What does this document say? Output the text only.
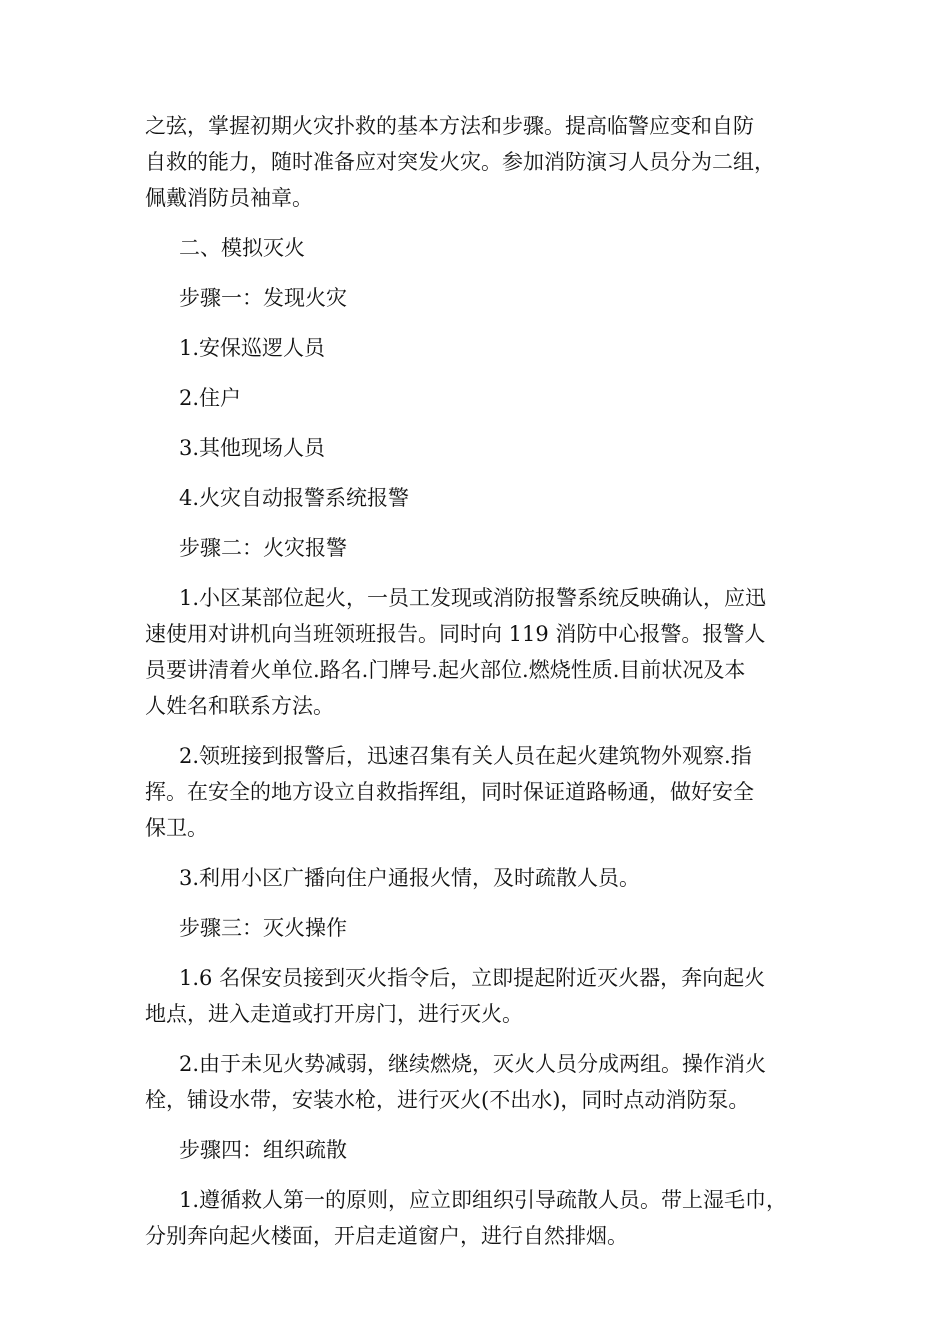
之弦，掌握初期火灾扑救的基本方法和步骤。提高临警应变和自防
自救的能力，随时准备应对突发火灾。参加消防演习人员分为二组，
佩戴消防员袖章。
二、模拟灭火
步骤一：发现火灾
1.安保巡逻人员
2.住户
3.其他现场人员
4.火灾自动报警系统报警
步骤二：火灾报警
1.小区某部位起火，一员工发现或消防报警系统反映确认，应迅
速使用对讲机向当班领班报告。同时向 119 消防中心报警。报警人
员要讲清着火单位.路名.门牌号.起火部位.燃烧性质.目前状况及本
人姓名和联系方法。
2.领班接到报警后，迅速召集有关人员在起火建筑物外观察.指
挥。在安全的地方设立自救指挥组，同时保证道路畅通，做好安全
保卫。
3.利用小区广播向住户通报火情，及时疏散人员。
步骤三：灭火操作
1.6 名保安员接到灭火指令后，立即提起附近灭火器，奔向起火
地点，进入走道或打开房门，进行灭火。
2.由于未见火势减弱，继续燃烧，灭火人员分成两组。操作消火
栓，铺设水带，安装水枪，进行灭火(不出水)，同时点动消防泵。
步骤四：组织疏散
1.遵循救人第一的原则，应立即组织引导疏散人员。带上湿毛巾，
分别奔向起火楼面，开启走道窗户，进行自然排烟。
